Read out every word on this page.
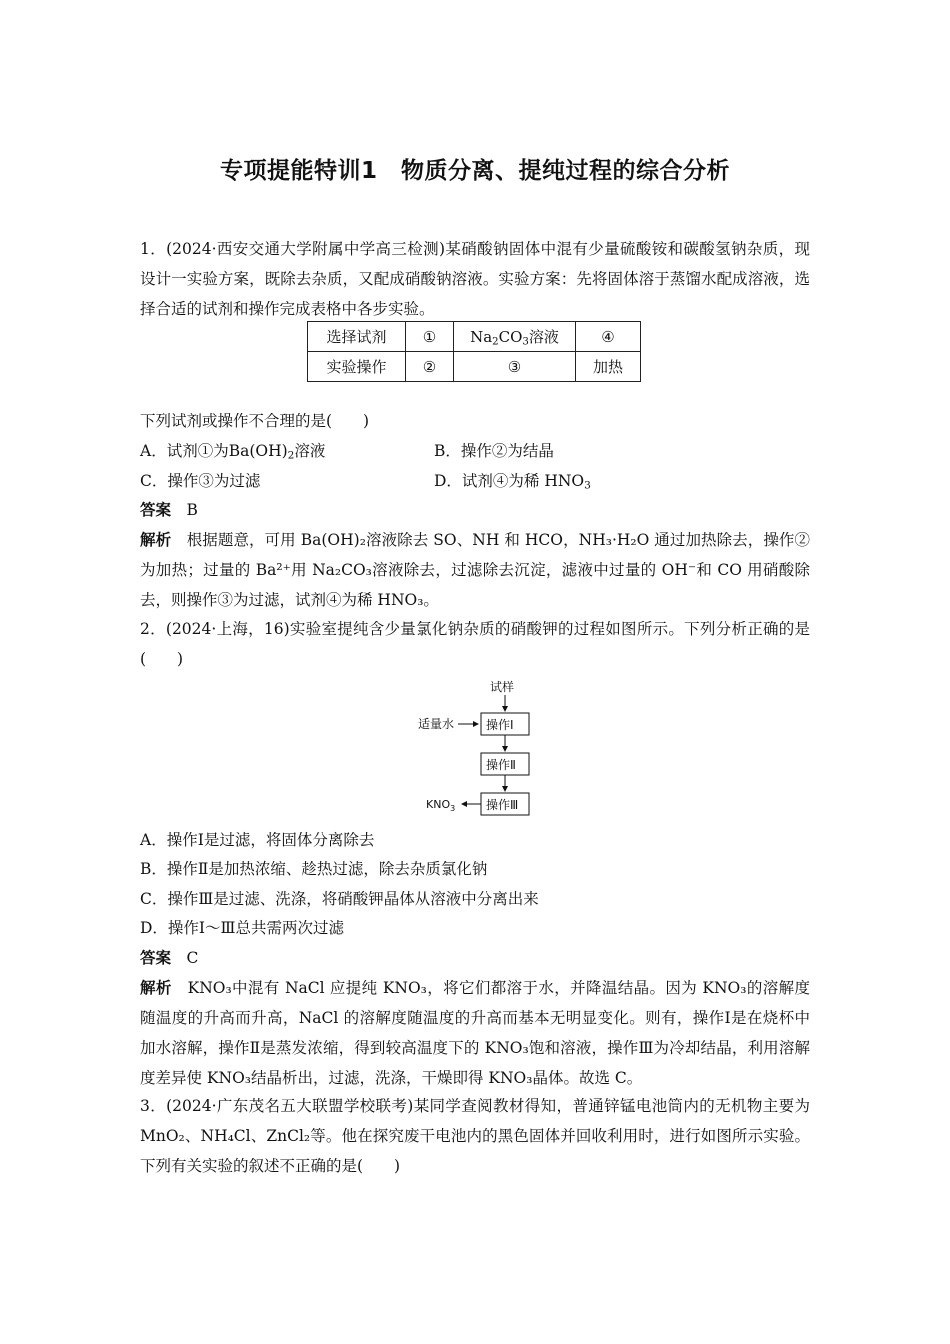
专项提能特训1　物质分离、提纯过程的综合分析

1．(2024·西安交通大学附属中学高三检测)某硝酸钠固体中混有少量硫酸铵和碳酸氢钠杂质，现设计一实验方案，既除去杂质，又配成硝酸钠溶液。实验方案：先将固体溶于蒸馏水配成溶液，选择合适的试剂和操作完成表格中各步实验。

选择试剂	①	$Na_2CO_3$溶液	④
实验操作	②	③	加热
下列试剂或操作不合理的是(　　)
A．试剂①为$Ba(OH)_2$溶液	B．操作②为结晶
C．操作③为过滤	D．试剂④为稀 $HNO_3$
答案　 B
解析　 根据题意，可用 Ba(OH)₂溶液除去 SO、NH 和 HCO，NH₃·H₂O 通过加热除去，操作②为加热；过量的 Ba²⁺用 Na₂CO₃溶液除去，过滤除去沉淀，滤液中过量的 OH⁻和 CO 用硝酸除去，则操作③为过滤，试剂④为稀 HNO₃。

2．(2024·上海，16)实验室提纯含少量氯化钠杂质的硝酸钾的过程如图所示。下列分析正确的是(　　)

试样
适量水	操作Ⅰ
操作Ⅱ
操作Ⅲ
$KNO_3$
A．操作Ⅰ是过滤，将固体分离除去
B．操作Ⅱ是加热浓缩、趁热过滤，除去杂质氯化钠
C．操作Ⅲ是过滤、洗涤，将硝酸钾晶体从溶液中分离出来
D．操作Ⅰ～Ⅲ总共需两次过滤
答案　 C
解析　 KNO₃中混有 NaCl 应提纯 KNO₃，将它们都溶于水，并降温结晶。因为 KNO₃的溶解度随温度的升高而升高，NaCl 的溶解度随温度的升高而基本无明显变化。则有，操作Ⅰ是在烧杯中加水溶解，操作Ⅱ是蒸发浓缩，得到较高温度下的 KNO₃饱和溶液，操作Ⅲ为冷却结晶，利用溶解度差异使 KNO₃结晶析出，过滤，洗涤，干燥即得 KNO₃晶体。故选 C。

3．(2024·广东茂名五大联盟学校联考)某同学查阅教材得知，普通锌锰电池筒内的无机物主要为 MnO₂、NH₄Cl、ZnCl₂等。他在探究废干电池内的黑色固体并回收利用时，进行如图所示实验。下列有关实验的叙述不正确的是(　　)
